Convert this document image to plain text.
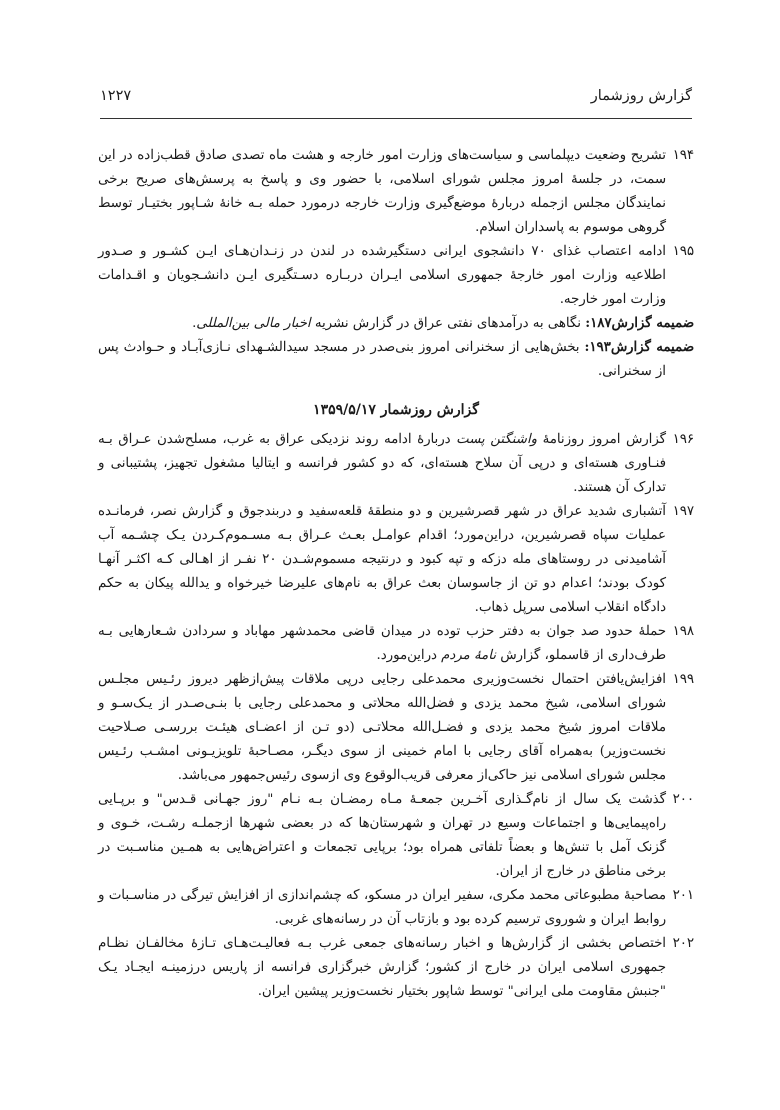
گزارش روزشمار
۱۲۲۷
۱۹۴
تشریح وضعیت دیپلماسی و سیاست‌های وزارت امور خارجه و هشت ماه تصدی صادق قطب‌زاده در این سمت، در جلسهٔ امروز مجلس شورای اسلامی، با حضور وی و پاسخ به پرسش‌های صریح برخی نمایندگان مجلس ازجمله دربارهٔ موضع‌گیری وزارت خارجه درمورد حمله بـه خانهٔ شـاپور بختیـار توسط گروهی موسوم به پاسداران اسلام.
۱۹۵
ادامه اعتصاب غذای ۷۰ دانشجوی ایرانی دستگیرشده در لندن در زنـدان‌هـای ایـن کشـور و صـدور اطلاعیه وزارت امور خارجهٔ جمهوری اسلامی ایـران دربـاره دسـتگیری ایـن دانشـجویان و اقـدامات وزارت امور خارجه.

ضمیمه گزارش۱۸۷: نگاهی به درآمدهای نفتی عراق در گزارش نشریه اخبار مالی بین‌المللی.

ضمیمه گزارش۱۹۳: بخش‌هایی از سخنرانی امروز بنی‌صدر در مسجد سیدالشـهدای نـازی‌آبـاد و حـوادث پس از سخنرانی.

گزارش روزشمار ۱۳۵۹/۵/۱۷
۱۹۶
گزارش امروز روزنامهٔ واشنگتن پست دربارهٔ ادامه روند نزدیکی عراق به غرب، مسلح‌شدن عـراق بـه فنـاوری هسته‌ای و درپی آن سلاح هسته‌ای، که دو کشور فرانسه و ایتالیا مشغول تجهیز، پشتیبانی و تدارک آن هستند.
۱۹۷
آتشباری شدید عراق در شهر قصرشیرین و دو منطقهٔ قلعه‌سفید و دربندجوق و گزارش نصر، فرمانـده عملیات سپاه قصرشیرین، دراین‌مورد؛ اقدام عوامـل بعـث عـراق بـه مسـموم‌کـردن یـک چشـمه آب آشامیدنی در روستاهای مله دزکه و تپه کبود و درنتیجه مسموم‌شـدن ۲۰ نفـر از اهـالی کـه اکثـر آنهـا کودک بودند؛ اعدام دو تن از جاسوسان بعث عراق به نام‌های علیرضا خیرخواه و یدالله پیکان به حکم دادگاه انقلاب اسلامی سرپل ذهاب.
۱۹۸
حملهٔ حدود صد جوان به دفتر حزب توده در میدان قاضی محمدشهر مهاباد و سردادن شـعارهایی بـه طرف‌داری از قاسملو، گزارش نامهٔ مردم دراین‌مورد.
۱۹۹
افزایش‌یافتن احتمال نخست‌وزیری محمدعلی رجایی درپی ملاقات پیش‌ازظهر دیروز رئـیس مجلـس شورای اسلامی، شیخ محمد یزدی و فضل‌الله محلاتی و محمدعلی رجایی با بنـی‌صـدر از یـک‌سـو و ملاقات امروز شیخ محمد یزدی و فضـل‌الله محلاتـی (دو تـن از اعضـای هیئـت بررسـی صـلاحیت نخست‌وزیر) به‌همراه آقای رجایی با امام خمینی از سوی دیگـر، مصـاحبهٔ تلویزیـونی امشـب رئـیس مجلس شورای اسلامی نیز حاکی‌از معرفی قریب‌الوقوع وی ازسوی رئیس‌جمهور می‌باشد.
۲۰۰
گذشت یک سال از نام‌گـذاری آخـرین جمعـهٔ مـاه رمضـان بـه نـام "روز جهـانی قـدس" و برپـایی راه‌پیمایی‌ها و اجتماعات وسیع در تهران و شهرستان‌ها که در بعضی شهرها ازجملـه رشـت، خـوی و گزنک آمل با تنش‌ها و بعضاً تلفاتی همراه بود؛ برپایی تجمعات و اعتراض‌هایی به همـین مناسـبت در برخی مناطق در خارج از ایران.
۲۰۱
مصاحبهٔ مطبوعاتی محمد مکری، سفیر ایران در مسکو، که چشم‌اندازی از افزایش تیرگی در مناسـبات و روابط ایران و شوروی ترسیم کرده بود و بازتاب آن در رسانه‌های غربی.
۲۰۲
اختصاص بخشی از گزارش‌ها و اخبار رسانه‌های جمعی غرب بـه فعالیـت‌هـای تـازهٔ مخالفـان نظـام جمهوری اسلامی ایران در خارج از کشور؛ گزارش خبرگزاری فرانسه از پاریس درزمینـه ایجـاد یـک "جنبش مقاومت ملی ایرانی" توسط شاپور بختیار نخست‌وزیر پیشین ایران.
